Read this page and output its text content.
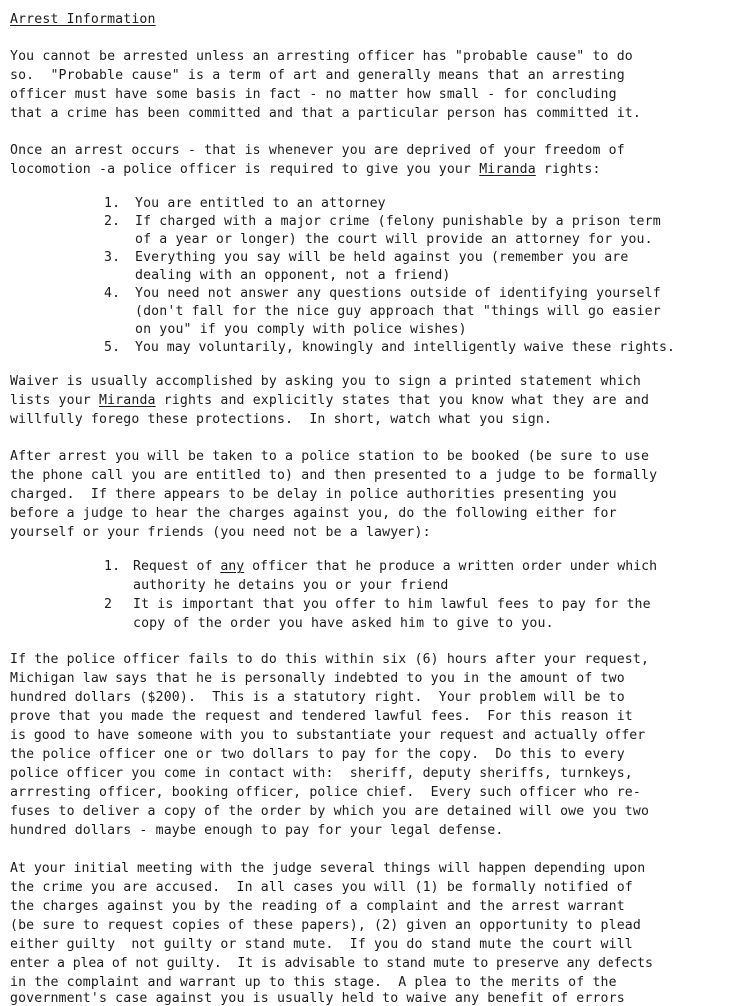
Arrest Information
You cannot be arrested unless an arresting officer has "probable cause" to do
so.  "Probable cause" is a term of art and generally means that an arresting
officer must have some basis in fact - no matter how small - for concluding
that a crime has been committed and that a particular person has committed it.
Once an arrest occurs - that is whenever you are deprived of your freedom of
locomotion -a police officer is required to give you your Miranda rights:
1. You are entitled to an attorney
2. If charged with a major crime (felony punishable by a prison term
of a year or longer) the court will provide an attorney for you.
3. Everything you say will be held against you (remember you are
dealing with an opponent, not a friend)
4. You need not answer any questions outside of identifying yourself
(don't fall for the nice guy approach that "things will go easier
on you" if you comply with police wishes)
5. You may voluntarily, knowingly and intelligently waive these rights.
Waiver is usually accomplished by asking you to sign a printed statement which
lists your Miranda rights and explicitly states that you know what they are and
willfully forego these protections.  In short, watch what you sign.
After arrest you will be taken to a police station to be booked (be sure to use
the phone call you are entitled to) and then presented to a judge to be formally
charged.  If there appears to be delay in police authorities presenting you
before a judge to hear the charges against you, do the following either for
yourself or your friends (you need not be a lawyer):
1. Request of any officer that he produce a written order under which
authority he detains you or your friend
2 It is important that you offer to him lawful fees to pay for the
copy of the order you have asked him to give to you.
If the police officer fails to do this within six (6) hours after your request,
Michigan law says that he is personally indebted to you in the amount of two
hundred dollars ($200).  This is a statutory right.  Your problem will be to
prove that you made the request and tendered lawful fees.  For this reason it
is good to have someone with you to substantiate your request and actually offer
the police officer one or two dollars to pay for the copy.  Do this to every
police officer you come in contact with:  sheriff, deputy sheriffs, turnkeys,
arrresting officer, booking officer, police chief.  Every such officer who re-
fuses to deliver a copy of the order by which you are detained will owe you two
hundred dollars - maybe enough to pay for your legal defense.
At your initial meeting with the judge several things will happen depending upon
the crime you are accused.  In all cases you will (1) be formally notified of
the charges against you by the reading of a complaint and the arrest warrant
(be sure to request copies of these papers), (2) given an opportunity to plead
either guilty  not guilty or stand mute.  If you do stand mute the court will
enter a plea of not guilty.  It is advisable to stand mute to preserve any defects
in the complaint and warrant up to this stage.  A plea to the merits of the
government's case against you is usually held to waive any benefit of errors
